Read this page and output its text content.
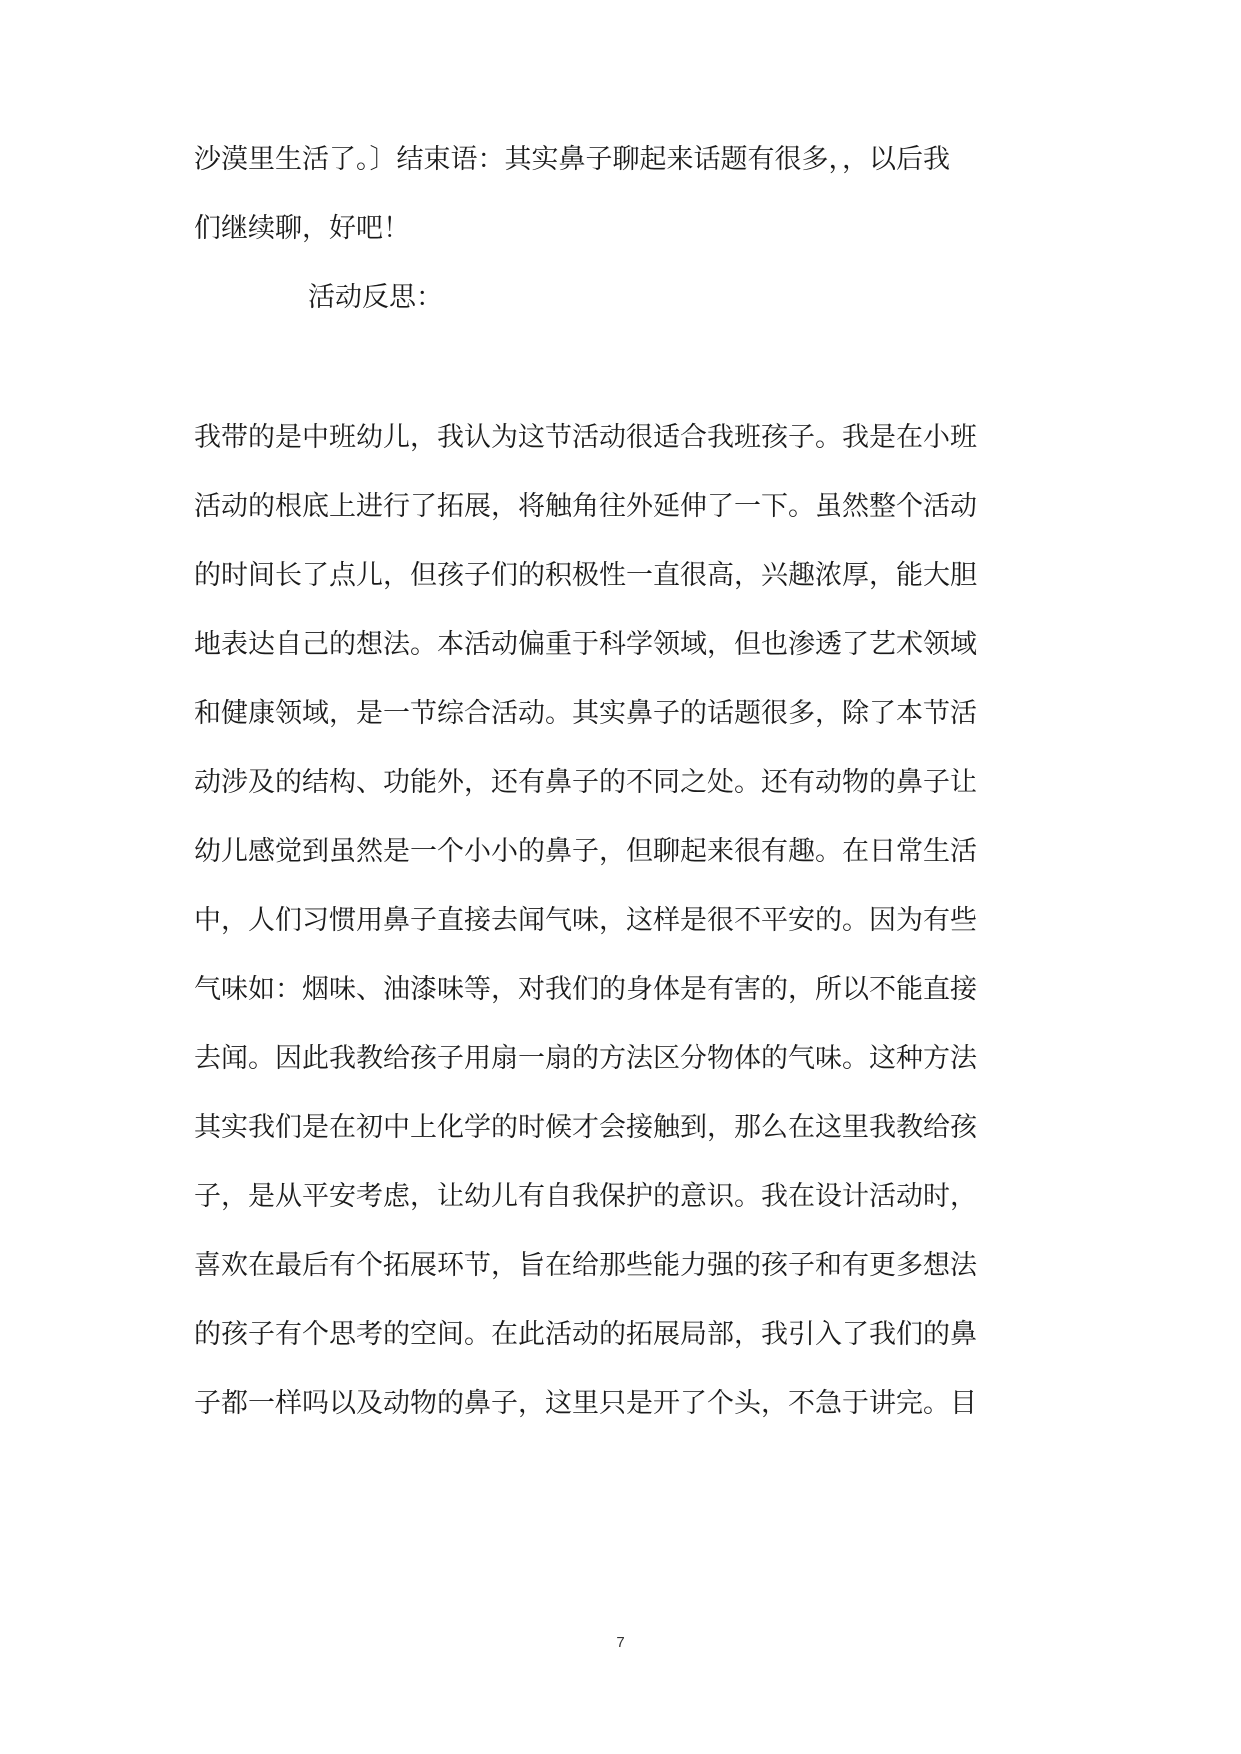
沙漠里生活了。〕结束语：其实鼻子聊起来话题有很多，，以后我
们继续聊，好吧！
活动反思：
我带的是中班幼儿，我认为这节活动很适合我班孩子。我是在小班
活动的根底上进行了拓展，将触角往外延伸了一下。虽然整个活动
的时间长了点儿，但孩子们的积极性一直很高，兴趣浓厚，能大胆
地表达自己的想法。本活动偏重于科学领域，但也渗透了艺术领域
和健康领域，是一节综合活动。其实鼻子的话题很多，除了本节活
动涉及的结构、功能外，还有鼻子的不同之处。还有动物的鼻子让
幼儿感觉到虽然是一个小小的鼻子，但聊起来很有趣。在日常生活
中，人们习惯用鼻子直接去闻气味，这样是很不平安的。因为有些
气味如：烟味、油漆味等，对我们的身体是有害的，所以不能直接
去闻。因此我教给孩子用扇一扇的方法区分物体的气味。这种方法
其实我们是在初中上化学的时候才会接触到，那么在这里我教给孩
子，是从平安考虑，让幼儿有自我保护的意识。我在设计活动时，
喜欢在最后有个拓展环节，旨在给那些能力强的孩子和有更多想法
的孩子有个思考的空间。在此活动的拓展局部，我引入了我们的鼻
子都一样吗以及动物的鼻子，这里只是开了个头，不急于讲完。目
7
